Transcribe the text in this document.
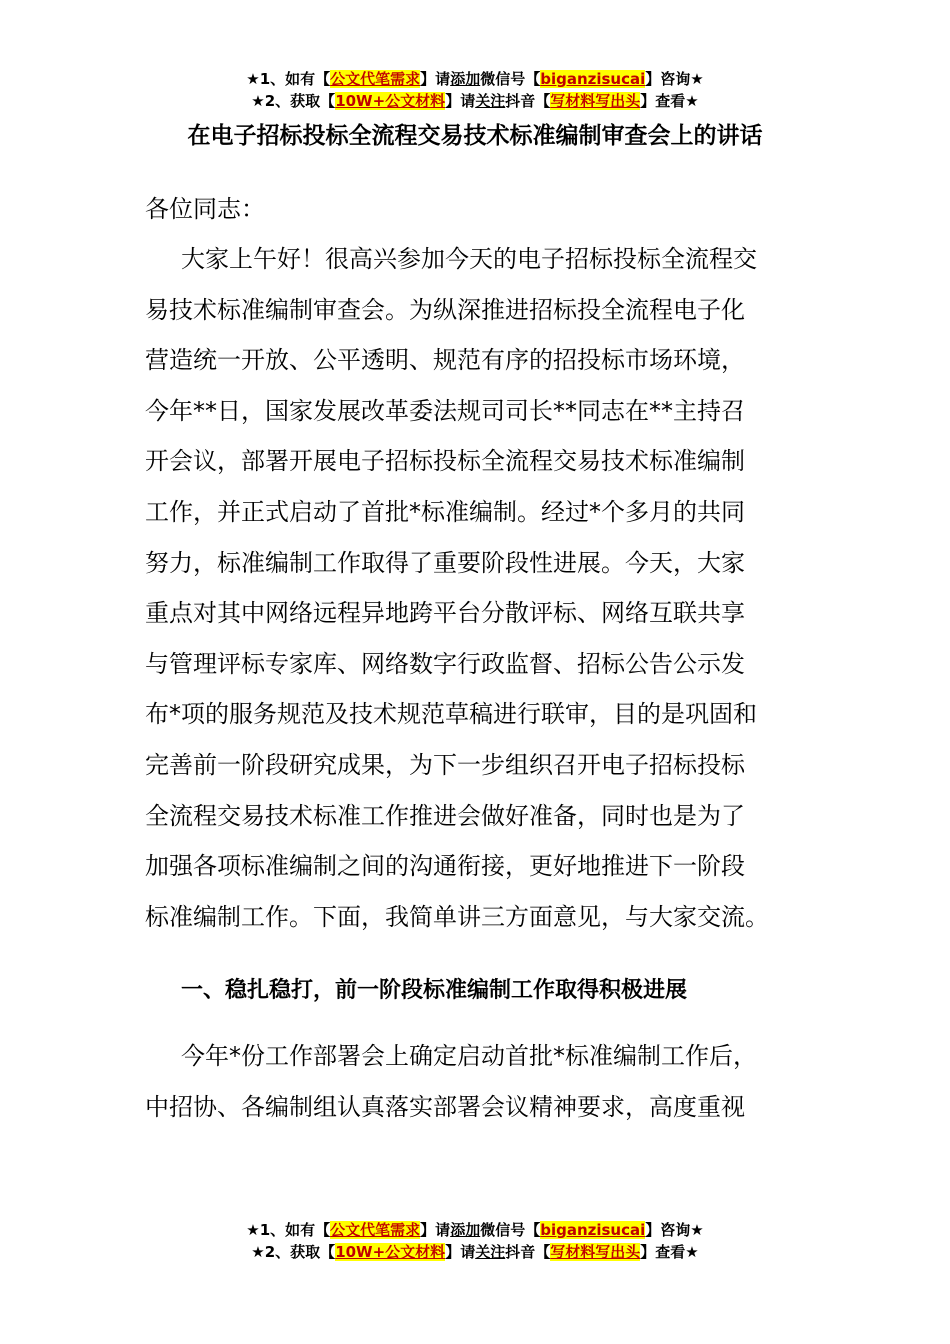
★1、如有【公文代笔需求】请添加微信号【biganzisucai】咨询★
★2、获取【10W+公文材料】请关注抖音【写材料写出头】查看★
在电子招标投标全流程交易技术标准编制审查会上的讲话
各位同志：
大家上午好！很高兴参加今天的电子招标投标全流程交
易技术标准编制审查会。为纵深推进招标投全流程电子化
营造统一开放、公平透明、规范有序的招投标市场环境，
今年**日，国家发展改革委法规司司长**同志在**主持召
开会议，部署开展电子招标投标全流程交易技术标准编制
工作，并正式启动了首批*标准编制。经过*个多月的共同
努力，标准编制工作取得了重要阶段性进展。今天，大家
重点对其中网络远程异地跨平台分散评标、网络互联共享
与管理评标专家库、网络数字行政监督、招标公告公示发
布*项的服务规范及技术规范草稿进行联审，目的是巩固和
完善前一阶段研究成果，为下一步组织召开电子招标投标
全流程交易技术标准工作推进会做好准备，同时也是为了
加强各项标准编制之间的沟通衔接，更好地推进下一阶段
标准编制工作。下面，我简单讲三方面意见，与大家交流。
一、稳扎稳打，前一阶段标准编制工作取得积极进展
今年*份工作部署会上确定启动首批*标准编制工作后，
中招协、各编制组认真落实部署会议精神要求，高度重视
★1、如有【公文代笔需求】请添加微信号【biganzisucai】咨询★
★2、获取【10W+公文材料】请关注抖音【写材料写出头】查看★
